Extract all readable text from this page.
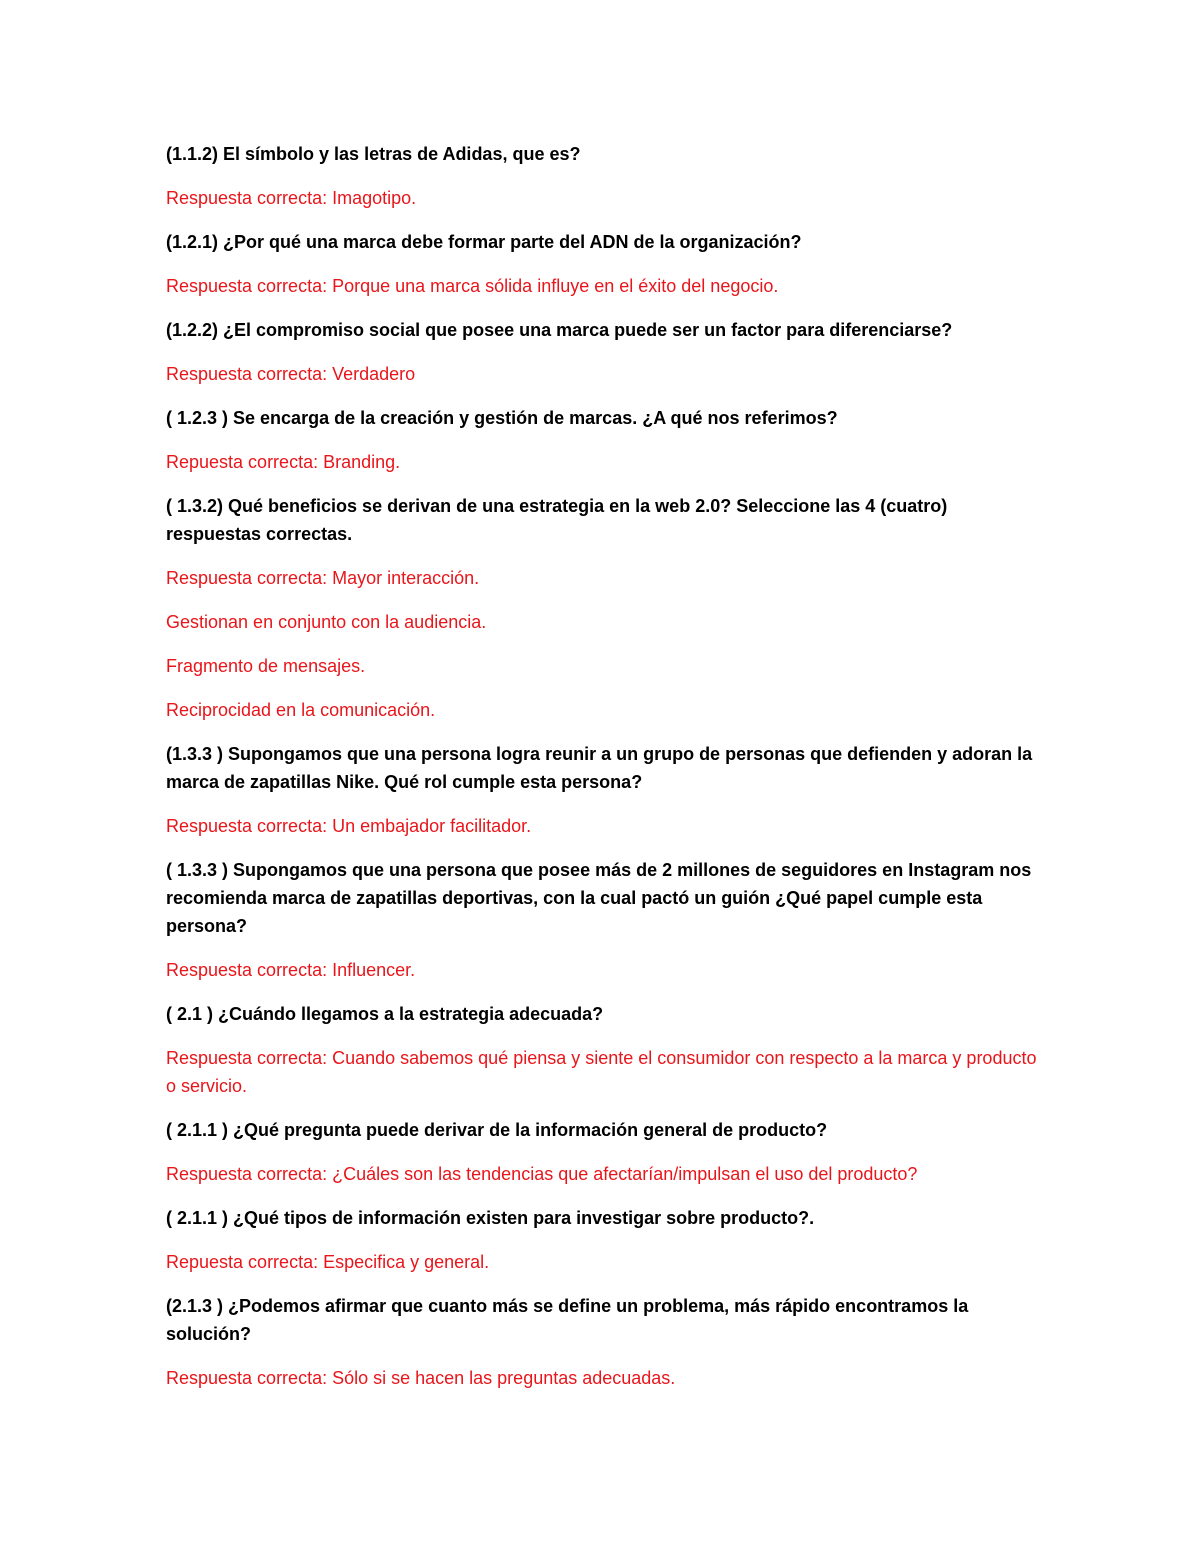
(1.1.2) El símbolo y las letras de Adidas, que es?

Respuesta correcta: Imagotipo.

(1.2.1) ¿Por qué una marca debe formar parte del ADN de la organización?

Respuesta correcta: Porque una marca sólida influye en el éxito del negocio.

(1.2.2) ¿El compromiso social que posee una marca puede ser un factor para diferenciarse?

Respuesta correcta: Verdadero

( 1.2.3 ) Se encarga de la creación y gestión de marcas. ¿A qué nos referimos?

Repuesta correcta: Branding.

( 1.3.2) Qué beneficios se derivan de una estrategia en la web 2.0? Seleccione las 4 (cuatro) respuestas correctas.

Respuesta correcta: Mayor interacción.

Gestionan en conjunto con la audiencia.

Fragmento de mensajes.

Reciprocidad en la comunicación.

(1.3.3 ) Supongamos que una persona logra reunir a un grupo de personas que defienden y adoran la marca de zapatillas Nike. Qué rol cumple esta persona?

Respuesta correcta: Un embajador facilitador.

( 1.3.3 ) Supongamos que una persona que posee más de 2 millones de seguidores en Instagram nos recomienda marca de zapatillas deportivas, con la cual pactó un guión ¿Qué papel cumple esta persona?

Respuesta correcta: Influencer.

( 2.1 ) ¿Cuándo llegamos a la estrategia adecuada?

Respuesta correcta: Cuando sabemos qué piensa y siente el consumidor con respecto a la marca y producto o servicio.

( 2.1.1 ) ¿Qué pregunta puede derivar de la información general de producto?

Respuesta correcta: ¿Cuáles son las tendencias que afectarían/impulsan el uso del producto?

( 2.1.1 ) ¿Qué tipos de información existen para investigar sobre producto?.

Repuesta correcta: Especifica y general.

(2.1.3 ) ¿Podemos afirmar que cuanto más se define un problema, más rápido encontramos la solución?

Respuesta correcta: Sólo si se hacen las preguntas adecuadas.
